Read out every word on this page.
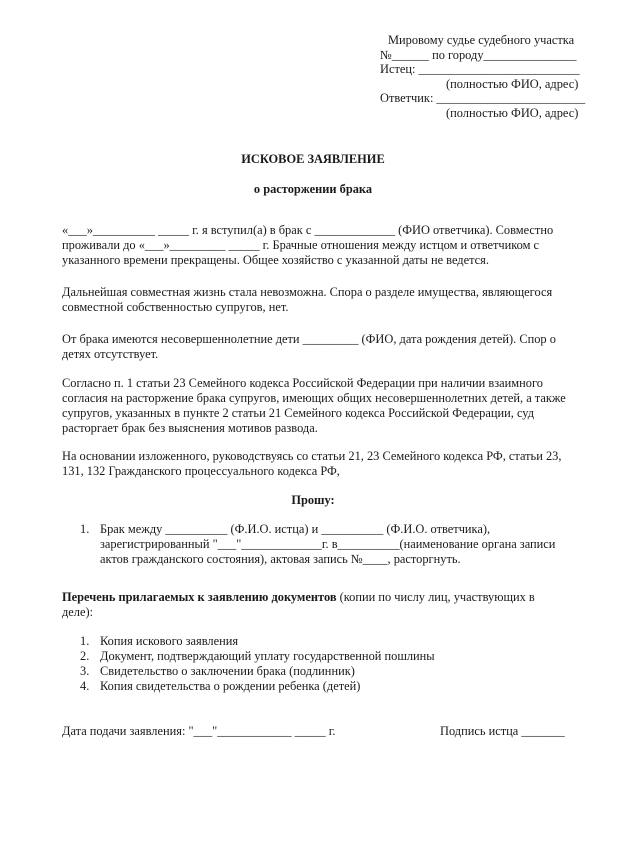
Мировому судье судебного участка
№______ по городу_______________
Истец: __________________________
(полностью ФИО, адрес)
Ответчик: ________________________
(полностью ФИО, адрес)
ИСКОВОЕ ЗАЯВЛЕНИЕ
о расторжении брака
«___»__________ _____ г. я вступил(а) в брак с _____________ (ФИО ответчика). Совместно
проживали до «___»_________ _____ г. Брачные отношения между истцом и ответчиком с
указанного времени прекращены. Общее хозяйство с указанной даты не ведется.
Дальнейшая совместная жизнь стала невозможна. Спора о разделе имущества, являющегося
совместной собственностью супругов, нет.
От брака имеются несовершеннолетние дети _________ (ФИО, дата рождения детей). Спор о
детях отсутствует.
Согласно п. 1 статьи 23 Семейного кодекса Российской Федерации при наличии взаимного
согласия на расторжение брака супругов, имеющих общих несовершеннолетних детей, а также
супругов, указанных в пункте 2 статьи 21 Семейного кодекса Российской Федерации, суд
расторгает брак без выяснения мотивов развода.
На основании изложенного, руководствуясь со статьи 21, 23 Семейного кодекса РФ, статьи 23,
131, 132 Гражданского процессуального кодекса РФ,
Прошу:
1. Брак между __________ (Ф.И.О. истца) и __________ (Ф.И.О. ответчика),
зарегистрированный "___"_____________г. в__________(наименование органа записи
актов гражданского состояния), актовая запись №____, расторгнуть.
Перечень прилагаемых к заявлению документов (копии по числу лиц, участвующих в
деле):
1. Копия искового заявления
2. Документ, подтверждающий уплату государственной пошлины
3. Свидетельство о заключении брака (подлинник)
4. Копия свидетельства о рождении ребенка (детей)
Дата подачи заявления: "___"____________ _____ г.	Подпись истца _______
